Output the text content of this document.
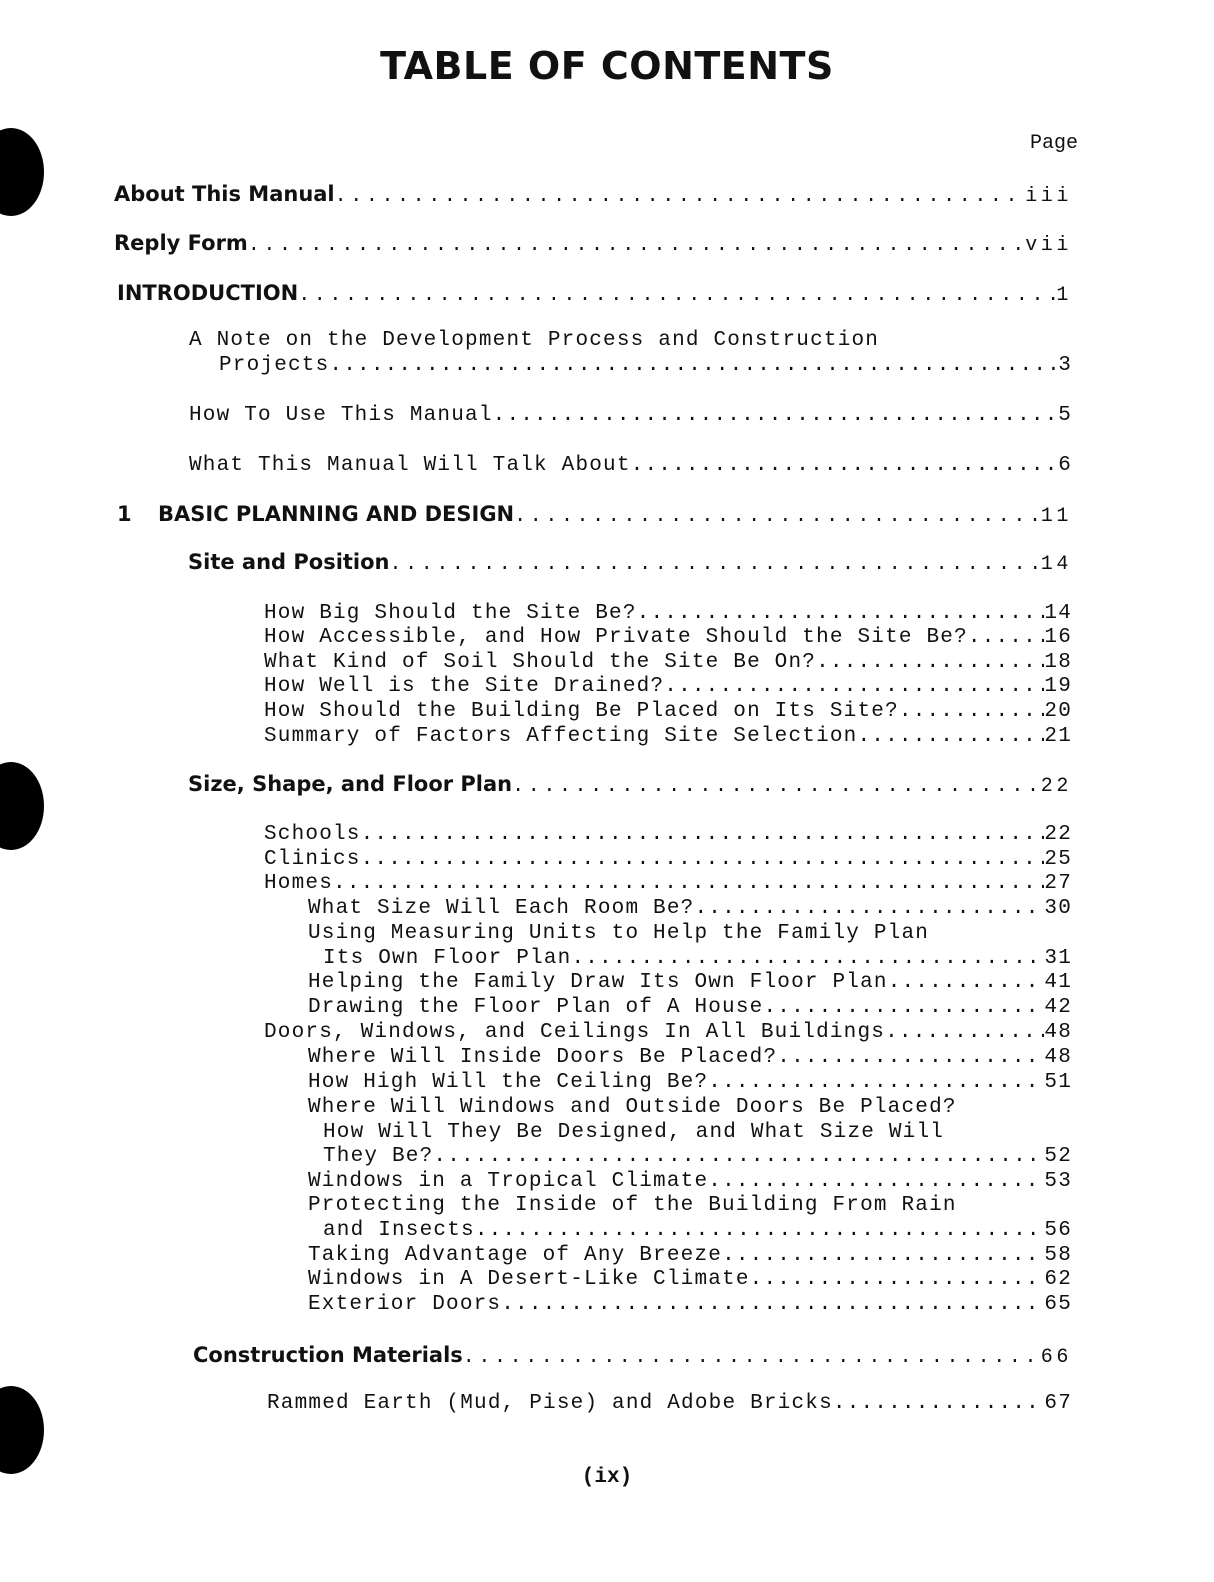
TABLE OF CONTENTS
Page
About This Manual .....	iii
Reply Form .....	vii
INTRODUCTION .....	1
A Note on the Development Process and Construction
Projects .....	3
How To Use This Manual .....	5
What This Manual Will Talk About .....	6
1 BASIC PLANNING AND DESIGN .....	11
Site and Position .....	14
How Big Should the Site Be? .....	14
How Accessible, and How Private Should the Site Be? .....	16
What Kind of Soil Should the Site Be On? .....	18
How Well is the Site Drained? .....	19
How Should the Building Be Placed on Its Site? .....	20
Summary of Factors Affecting Site Selection .....	21
Size, Shape, and Floor Plan .....	22
Schools .....	22
Clinics .....	25
Homes .....	27
What Size Will Each Room Be? .....	30
Using Measuring Units to Help the Family Plan
Its Own Floor Plan .....	31
Helping the Family Draw Its Own Floor Plan .....	41
Drawing the Floor Plan of A House .....	42
Doors, Windows, and Ceilings In All Buildings .....	48
Where Will Inside Doors Be Placed? .....	48
How High Will the Ceiling Be? .....	51
Where Will Windows and Outside Doors Be Placed?
How Will They Be Designed, and What Size Will
They Be? .....	52
Windows in a Tropical Climate .....	53
Protecting the Inside of the Building From Rain
and Insects .....	56
Taking Advantage of Any Breeze .....	58
Windows in A Desert-Like Climate .....	62
Exterior Doors .....	65
Construction Materials .....	66
Rammed Earth (Mud, Pise) and Adobe Bricks .....	67
(ix)
